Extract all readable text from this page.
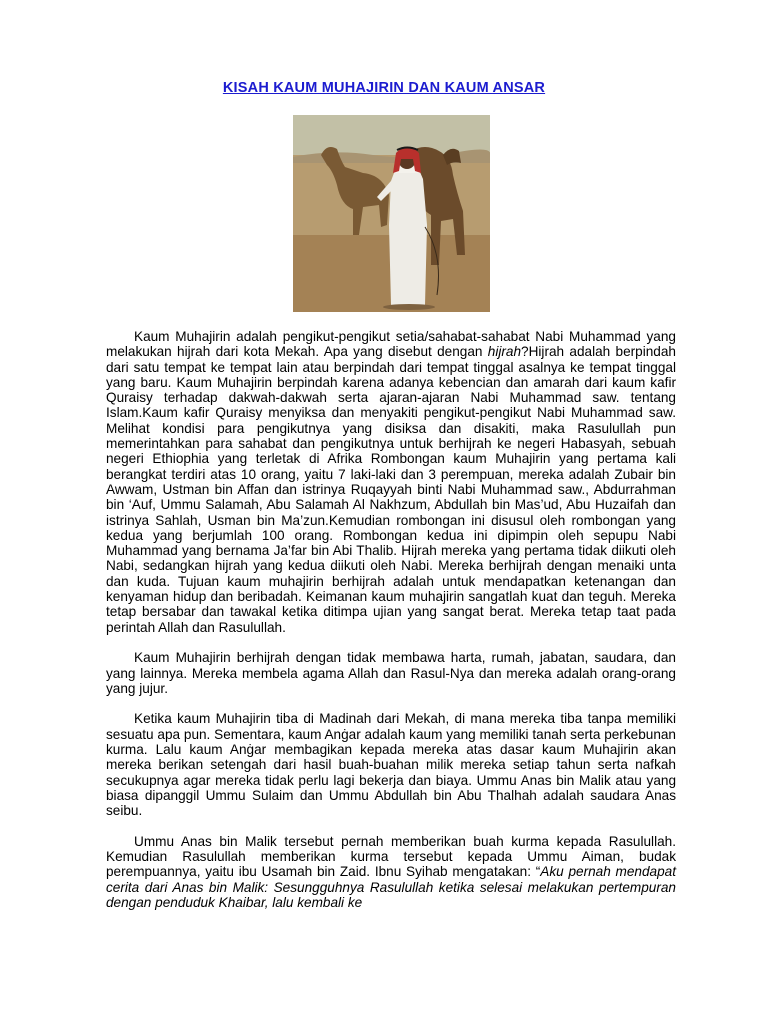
KISAH KAUM MUHAJIRIN DAN KAUM ANSAR

Kaum Muhajirin adalah pengikut-pengikut setia/sahabat-sahabat Nabi Muhammad yang melakukan hijrah dari kota Mekah. Apa yang disebut dengan hijrah?Hijrah adalah berpindah dari satu tempat ke tempat lain atau berpindah dari tempat tinggal asalnya ke tempat tinggal yang baru. Kaum Muhajirin berpindah karena adanya kebencian dan amarah dari kaum kafir Quraisy terhadap dakwah-dakwah serta ajaran-ajaran Nabi Muhammad saw. tentang Islam.Kaum kafir Quraisy menyiksa dan menyakiti pengikut-pengikut Nabi Muhammad saw. Melihat kondisi para pengikutnya yang disiksa dan disakiti, maka Rasulullah pun memerintahkan para sahabat dan pengikutnya untuk berhijrah ke negeri Habasyah, sebuah negeri Ethiophia yang terletak di Afrika Rombongan kaum Muhajirin yang pertama kali berangkat terdiri atas 10 orang, yaitu 7 laki-laki dan 3 perempuan, mereka adalah Zubair bin Awwam, Ustman bin Affan dan istrinya Ruqayyah binti Nabi Muhammad saw., Abdurrahman bin ‘Auf, Ummu Salamah, Abu Salamah Al Nakhzum, Abdullah bin Mas’ud, Abu Huzaifah dan istrinya Sahlah, Usman bin Ma’zun.Kemudian rombongan ini disusul oleh rombongan yang kedua yang berjumlah 100 orang. Rombongan kedua ini dipimpin oleh sepupu Nabi Muhammad yang bernama Ja’far bin Abi Thalib. Hijrah mereka yang pertama tidak diikuti oleh Nabi, sedangkan hijrah yang kedua diikuti oleh Nabi. Mereka berhijrah dengan menaiki unta dan kuda. Tujuan kaum muhajirin berhijrah adalah untuk mendapatkan ketenangan dan kenyaman hidup dan beribadah. Keimanan kaum muhajirin sangatlah kuat dan teguh. Mereka tetap bersabar dan tawakal ketika ditimpa ujian yang sangat berat. Mereka tetap taat pada perintah Allah dan Rasulullah.

Kaum Muhajirin berhijrah dengan tidak membawa harta, rumah, jabatan, saudara, dan yang lainnya. Mereka membela agama Allah dan Rasul-Nya dan mereka adalah orang-orang yang jujur.

Ketika kaum Muhajirin tiba di Madinah dari Mekah, di mana mereka tiba tanpa memiliki sesuatu apa pun. Sementara, kaum Anġar adalah kaum yang memiliki tanah serta perkebunan kurma. Lalu kaum Anġar membagikan kepada mereka atas dasar kaum Muhajirin akan mereka berikan setengah dari hasil buah-buahan milik mereka setiap tahun serta nafkah secukupnya agar mereka tidak perlu lagi bekerja dan biaya. Ummu Anas bin Malik atau yang biasa dipanggil Ummu Sulaim dan Ummu Abdullah bin Abu Thalhah adalah saudara Anas seibu.

Ummu Anas bin Malik tersebut pernah memberikan buah kurma kepada Rasulullah. Kemudian Rasulullah memberikan kurma tersebut kepada Ummu Aiman, budak perempuannya, yaitu ibu Usamah bin Zaid. Ibnu Syihab mengatakan: “Aku pernah mendapat cerita dari Anas bin Malik: Sesungguhnya Rasulullah ketika selesai melakukan pertempuran dengan penduduk Khaibar, lalu kembali ke
